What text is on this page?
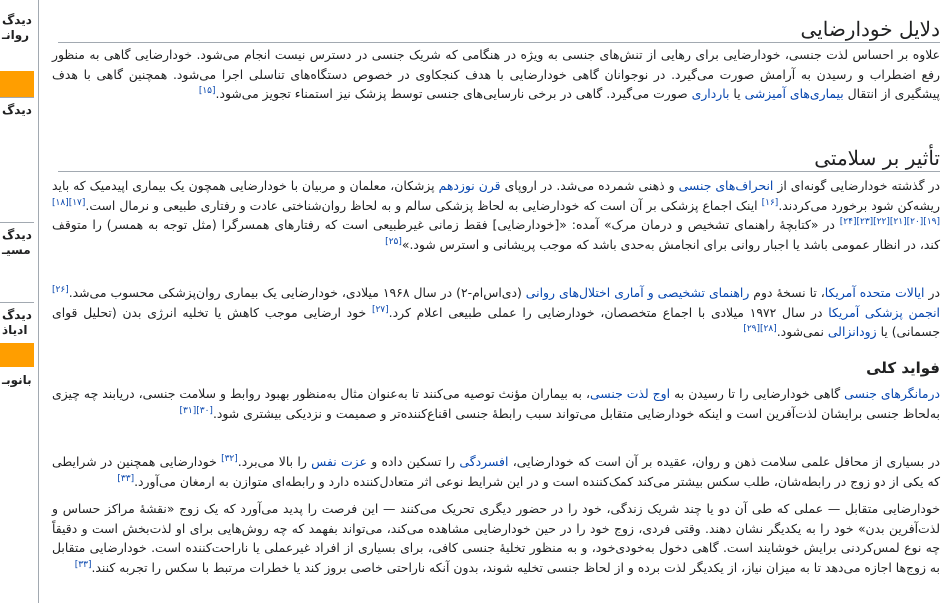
دیدگ
روانـ
دیدگ
دیدگ
مسیـ
دیدگ
ادیاذ
بانوبـ
دلایل خودارضایی

علاوه بر احساس لذت جنسی، خودارضایی برای رهایی از تنش‌های جنسی به ویژه در هنگامی که شریک جنسی در دسترس نیست انجام می‌شود. خودارضایی گاهی به منظور رفع اضطراب و رسیدن به آرامش صورت می‌گیرد. در نوجوانان گاهی خودارضایی با هدف کنجکاوی در خصوص دستگاه‌های تناسلی اجرا می‌شود. همچنین گاهی با هدف پیشگیری از انتقال بیماری‌های آمیزشی یا بارداری صورت می‌گیرد. گاهی در برخی نارسایی‌های جنسی توسط پزشک نیز استمناء تجویز می‌شود.[۱۵]

تأثیر بر سلامتی

در گذشته خودارضایی گونه‌ای از انحراف‌های جنسی و ذهنی شمرده می‌شد. در اروپای قرن نوزدهم پزشکان، معلمان و مربیان با خودارضایی همچون یک بیماری اپیدمیک که باید ریشه‌کن شود برخورد می‌کردند.[۱۶] اینک اجماع پزشکی بر آن است که خودارضایی به لحاظ پزشکی سالم و به لحاظ روان‌شناختی عادت و رفتاری طبیعی و نرمال است.[۱۷][۱۸][۱۹][۲۰][۲۱][۲۲][۲۳][۲۴] در «کتابچهٔ راهنمای تشخیص و درمان مرک» آمده: «[خودارضایی] فقط زمانی غیرطبیعی است که رفتارهای همسرگرا (مثل توجه به همسر) را متوقف کند، در انظار عمومی باشد یا اجبار روانی برای انجامش به‌حدی باشد که موجب پریشانی و استرس شود.»[۲۵]

در ایالات متحده آمریکا، تا نسخهٔ دوم راهنمای تشخیصی و آماری اختلال‌های روانی (دی‌اس‌ام-۲) در سال ۱۹۶۸ میلادی، خودارضایی یک بیماری روان‌پزشکی محسوب می‌شد.[۲۶] انجمن پزشکی آمریکا در سال ۱۹۷۲ میلادی با اجماع متخصصان، خودارضایی را عملی طبیعی اعلام کرد.[۲۷] خود ارضایی موجب کاهش یا تخلیه انرژی بدن (تحلیل قوای جسمانی) یا زودانزالی نمی‌شود.[۲۸][۲۹]

فواید کلی

درمانگرهای جنسی گاهی خودارضایی را تا رسیدن به اوج لذت جنسی، به بیماران مؤنث توصیه می‌کنند تا به‌عنوان مثال به‌منظور بهبود روابط و سلامت جنسی، دریابند چه چیزی به‌لحاظ جنسی برایشان لذت‌آفرین است و اینکه خودارضایی متقابل می‌تواند سبب رابطهٔ جنسی اقناع‌کننده‌تر و صمیمت و نزدیکی بیشتری شود.[۳۰][۳۱]

در بسیاری از محافل علمی سلامت ذهن و روان، عقیده بر آن است که خودارضایی، افسردگی را تسکین داده و عزت نفس را بالا می‌برد.[۳۲] خودارضایی همچنین در شرایطی که یکی از دو زوج در رابطه‌شان، طلب سکس بیشتر می‌کند کمک‌کننده است و در این شرایط نوعی اثر متعادل‌کننده دارد و رابطه‌ای متوازن به ارمغان می‌آورد.[۳۳]

خودارضایی متقابل — عملی که طی آن دو یا چند شریک زندگی، خود را در حضور دیگری تحریک می‌کنند — این فرصت را پدید می‌آورد که یک زوج «نقشهٔ مراکز حساس و لذت‌آفرین بدن» خود را به یکدیگر نشان دهند. وقتی فردی، زوج خود را در حین خودارضایی مشاهده می‌کند، می‌تواند بفهمد که چه روش‌هایی برای او لذت‌بخش است و دقیقاً چه نوع لمس‌کردنی برایش خوشایند است. گاهی دخول به‌خودی‌خود، و به منظور تخلیهٔ جنسی کافی، برای بسیاری از افراد غیرعملی یا ناراحت‌کننده است. خودارضایی متقابل به زوج‌ها اجازه می‌دهد تا به میزان نیاز، از یکدیگر لذت برده و از لحاظ جنسی تخلیه شوند، بدون آنکه ناراحتی خاصی بروز کند یا خطرات مرتبط با سکس را تجربه کنند.[۳۳]
